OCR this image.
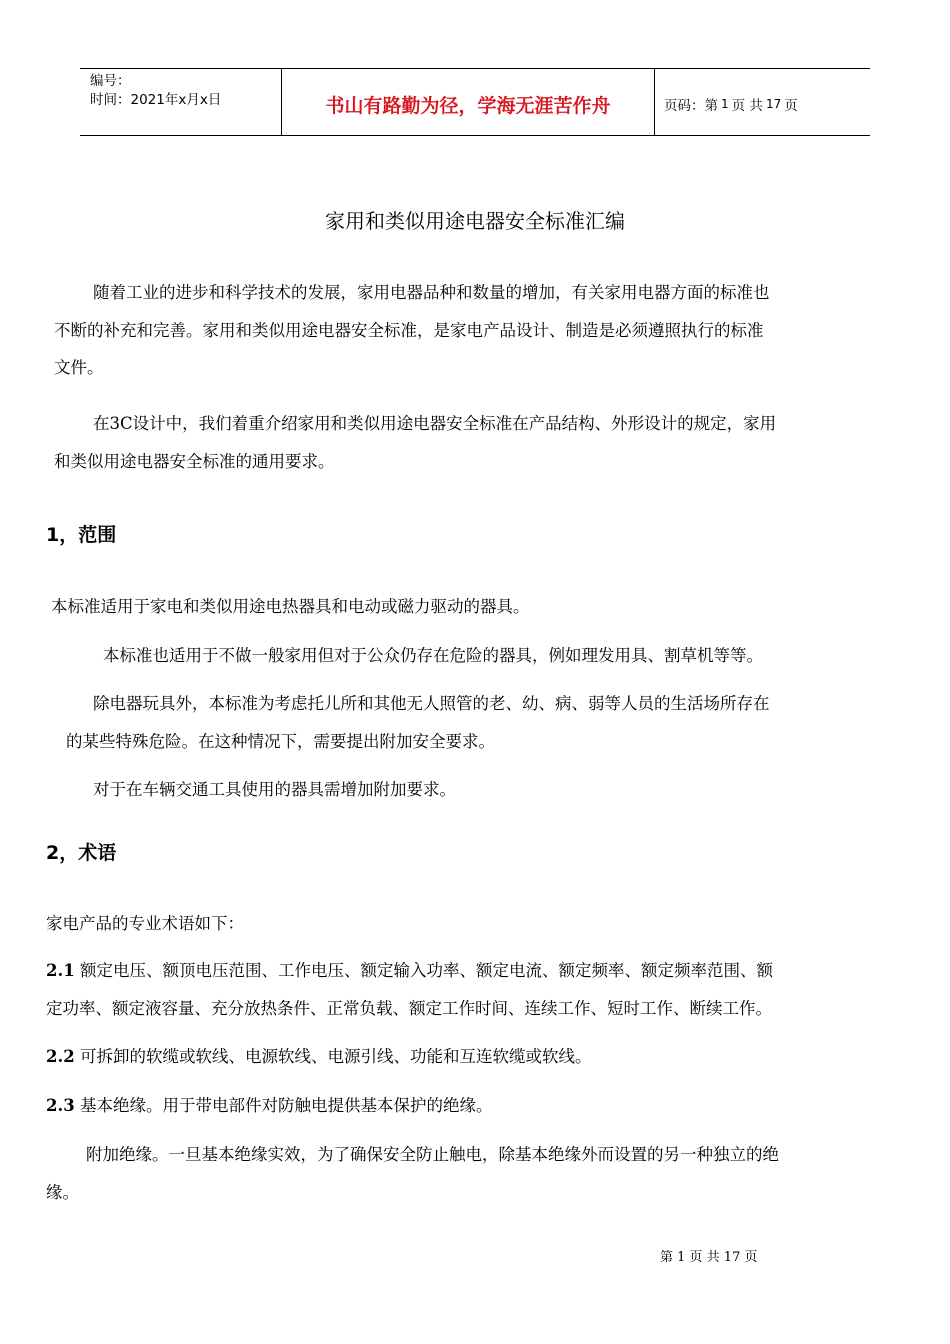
编号：
时间：2021年x月x日	书山有路勤为径，学海无涯苦作舟	页码：第 1 页 共 17 页
家用和类似用途电器安全标准汇编
随着工业的进步和科学技术的发展，家用电器品种和数量的增加，有关家用电器方面的标准也
不断的补充和完善。家用和类似用途电器安全标准，是家电产品设计、制造是必须遵照执行的标准
文件。
在3C设计中，我们着重介绍家用和类似用途电器安全标准在产品结构、外形设计的规定，家用
和类似用途电器安全标准的通用要求。
1，范围
本标准适用于家电和类似用途电热器具和电动或磁力驱动的器具。
本标准也适用于不做一般家用但对于公众仍存在危险的器具，例如理发用具、割草机等等。
除电器玩具外，本标准为考虑托儿所和其他无人照管的老、幼、病、弱等人员的生活场所存在
的某些特殊危险。在这种情况下，需要提出附加安全要求。
对于在车辆交通工具使用的器具需增加附加要求。
2，术语
家电产品的专业术语如下：
2.1 额定电压、额顶电压范围、工作电压、额定输入功率、额定电流、额定频率、额定频率范围、额
定功率、额定液容量、充分放热条件、正常负载、额定工作时间、连续工作、短时工作、断续工作。
2.2 可拆卸的软缆或软线、电源软线、电源引线、功能和互连软缆或软线。
2.3 基本绝缘。用于带电部件对防触电提供基本保护的绝缘。
附加绝缘。一旦基本绝缘实效，为了确保安全防止触电，除基本绝缘外而设置的另一种独立的绝
缘。
第 1 页 共 17 页
